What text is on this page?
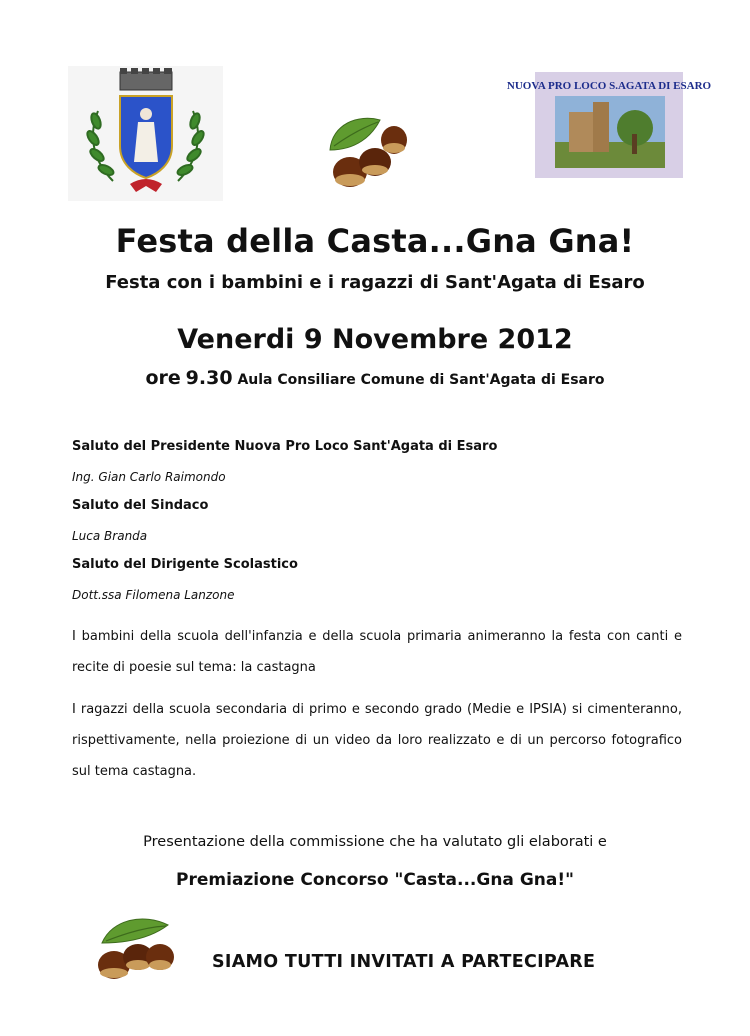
NUOVA PRO LOCO S.AGATA DI ESARO
Festa della Casta...Gna Gna!
Festa con i bambini e i ragazzi di Sant'Agata di Esaro
Venerdi 9 Novembre 2012
ore 9.30 Aula Consiliare Comune di Sant'Agata di Esaro
Saluto del Presidente Nuova Pro Loco Sant'Agata di Esaro
Ing. Gian Carlo Raimondo
Saluto del Sindaco
Luca Branda
Saluto del Dirigente Scolastico
Dott.ssa Filomena Lanzone
I bambini della scuola dell'infanzia e della scuola primaria animeranno la festa con canti e recite di poesie sul tema: la castagna
I ragazzi della scuola secondaria di primo e secondo grado (Medie e IPSIA) si cimenteranno, rispettivamente, nella proiezione di un video da loro realizzato e di un percorso fotografico sul tema castagna.
Presentazione della commissione che ha valutato gli elaborati e
Premiazione Concorso "Casta...Gna Gna!"
SIAMO TUTTI INVITATI A PARTECIPARE
